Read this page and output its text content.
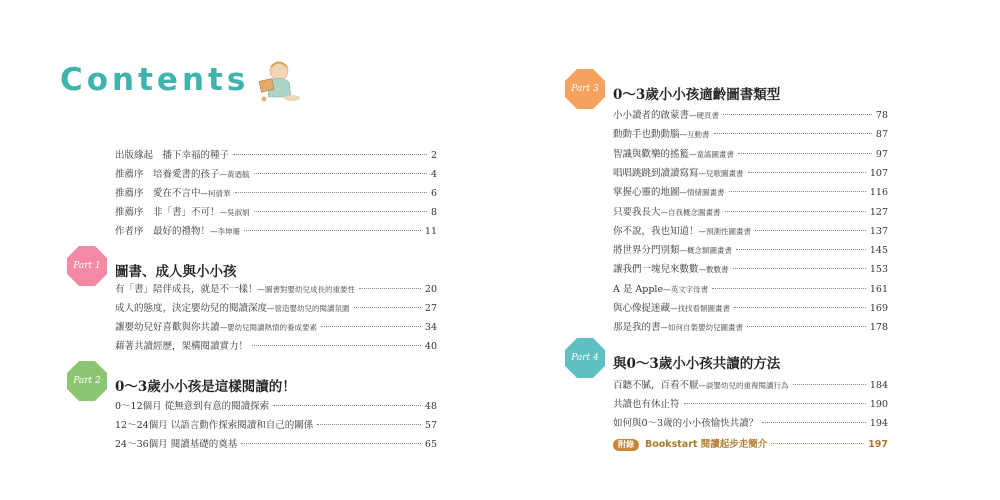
Contents
出版緣起　播下幸福的種子	2
推薦序　培養愛書的孩子—黃迺毓	4
推薦序　愛在不言中—柯倩華	6
推薦序　非「書」不可！—吳淑娟	8
作者序　最好的禮物！—李坤珊	11
Part 1 圖書、成人與小小孩
有「書」陪伴成長，就是不一樣！—圖書對嬰幼兒成長的重要性	20
成人的態度，決定嬰幼兒的閱讀深度—營造嬰幼兒的閱讀氛圍	27
讓嬰幼兒好喜歡與你共讀—嬰幼兒閱讀熱情的養成要素	34
藉著共讀經歷，架構閱讀實力！	40
Part 2 0～3歲小小孩是這樣閱讀的！
0～12個月 從無意到有意的閱讀探索	48
12～24個月 以語言動作探索閱讀和自己的關係	57
24～36個月 閱讀基礎的奠基	65
Part 3 0～3歲小小孩適齡圖書類型
小小讀者的啟蒙書—硬頁書	78
動動手也動動腦—互動書	87
智識與歡樂的搖籃—童謠圖畫書	97
唱唱跳跳到讀讀寫寫—兒歌圖畫書	107
掌握心靈的地圖—情緒圖畫書	116
只要我長大—自我概念圖畫書	127
你不說，我也知道！—預測性圖畫書	137
將世界分門別類—概念類圖畫書	145
讓我們一塊兒來數數—數數書	153
A 是 Apple—英文字母書	161
與心像捉迷藏—找找看類圖畫書	169
那是我的書—如何自製嬰幼兒圖畫書	178
Part 4 與0～3歲小小孩共讀的方法
百聽不膩，百看不厭—談嬰幼兒的重複閱讀行為	184
共讀也有休止符	190
如何與0～3歲的小小孩愉快共讀？	194
附錄 Bookstart 閱讀起步走簡介	197
